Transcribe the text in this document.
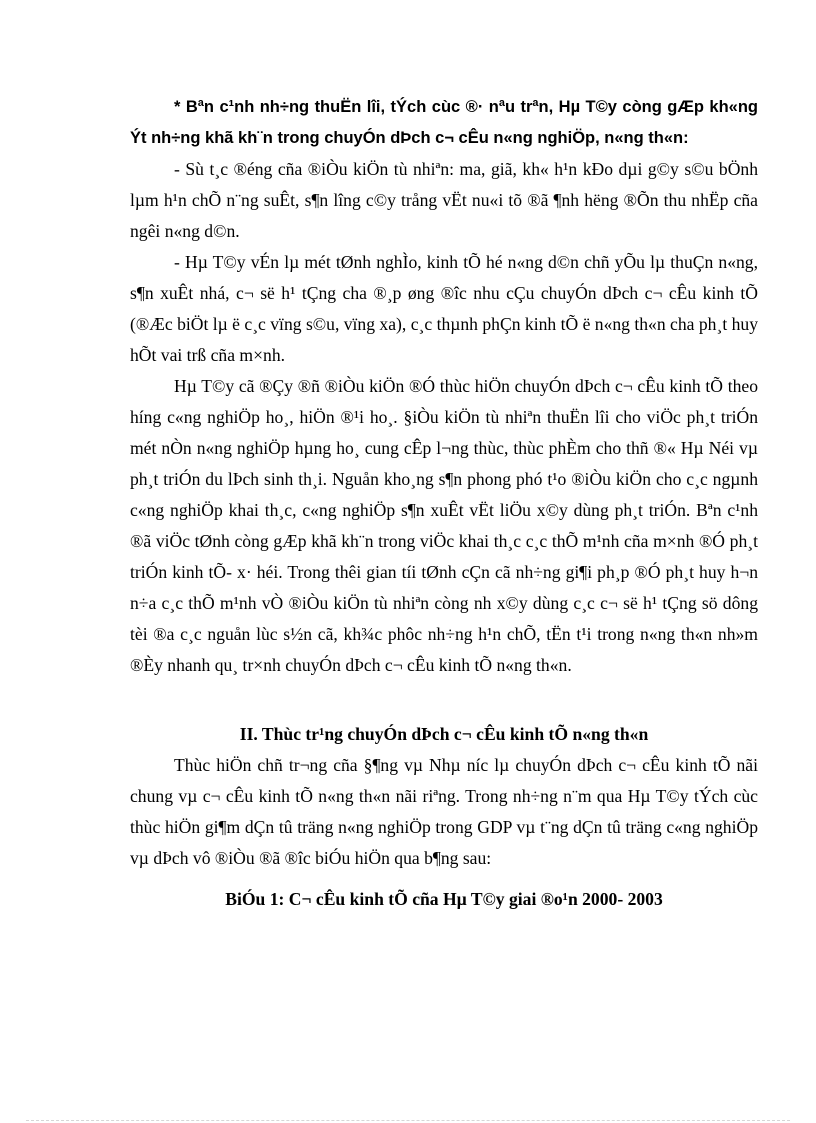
* Bªn c¹nh nh÷ng thuËn lîi, tÝch cùc ®· nªu trªn, Hµ T©y còng gÆp kh«ng Ýt nh÷ng khã kh¨n trong chuyÓn dÞch c¬ cÊu n«ng nghiÖp, n«ng th«n:

- Sù t¸c ®éng cña ®iÒu kiÖn tù nhiªn: ma, giã, kh« h¹n kÐo dµi g©y s©u bÖnh lµm h¹n chÕ n¨ng suÊt, s¶n lîng c©y trång vËt nu«i tõ ®ã ¶nh hëng ®Õn thu nhËp cña ngêi n«ng d©n.

- Hµ T©y vÉn lµ mét tØnh nghÌo, kinh tÕ hé n«ng d©n chñ yÕu lµ thuÇn n«ng, s¶n xuÊt nhá, c¬ së h¹ tÇng cha ®¸p øng ®îc nhu cÇu chuyÓn dÞch c¬ cÊu kinh tÕ (®Æc biÖt lµ ë c¸c vïng s©u, vïng xa), c¸c thµnh phÇn kinh tÕ ë n«ng th«n cha ph¸t huy hÕt vai trß cña m×nh.

Hµ T©y cã ®Çy ®ñ ®iÒu kiÖn ®Ó thùc hiÖn chuyÓn dÞch c¬ cÊu kinh tÕ theo híng c«ng nghiÖp ho¸, hiÖn ®¹i ho¸. §iÒu kiÖn tù nhiªn thuËn lîi cho viÖc ph¸t triÓn mét nÒn n«ng nghiÖp hµng ho¸ cung cÊp l¬ng thùc, thùc phÈm cho thñ ®« Hµ Néi vµ ph¸t triÓn du lÞch sinh th¸i. Nguån kho¸ng s¶n phong phó t¹o ®iÒu kiÖn cho c¸c ngµnh c«ng nghiÖp khai th¸c, c«ng nghiÖp s¶n xuÊt vËt liÖu x©y dùng ph¸t triÓn. Bªn c¹nh ®ã viÖc tØnh còng gÆp khã kh¨n trong viÖc khai th¸c c¸c thÕ m¹nh cña m×nh ®Ó ph¸t triÓn kinh tÕ- x· héi. Trong thêi gian tíi tØnh cÇn cã nh÷ng gi¶i ph¸p ®Ó ph¸t huy h¬n n÷a c¸c thÕ m¹nh vÒ ®iÒu kiÖn tù nhiªn còng nh x©y dùng c¸c c¬ së h¹ tÇng sö dông tèi ®a c¸c nguån lùc s½n cã, kh¾c phôc nh÷ng h¹n chÕ, tËn t¹i trong n«ng th«n nh»m ®Èy nhanh qu¸ tr×nh chuyÓn dÞch c¬ cÊu kinh tÕ n«ng th«n.

II. Thùc tr¹ng chuyÓn dÞch c¬ cÊu kinh tÕ n«ng th«n

Thùc hiÖn chñ tr¬ng cña §¶ng vµ Nhµ níc lµ chuyÓn dÞch c¬ cÊu kinh tÕ nãi chung vµ c¬ cÊu kinh tÕ n«ng th«n nãi riªng. Trong nh÷ng n¨m qua Hµ T©y tÝch cùc thùc hiÖn gi¶m dÇn tû träng n«ng nghiÖp trong GDP vµ t¨ng dÇn tû träng c«ng nghiÖp vµ dÞch vô ®iÒu ®ã ®îc biÓu hiÖn qua b¶ng sau:

BiÓu 1: C¬ cÊu kinh tÕ cña Hµ T©y giai ®o¹n 2000- 2003
